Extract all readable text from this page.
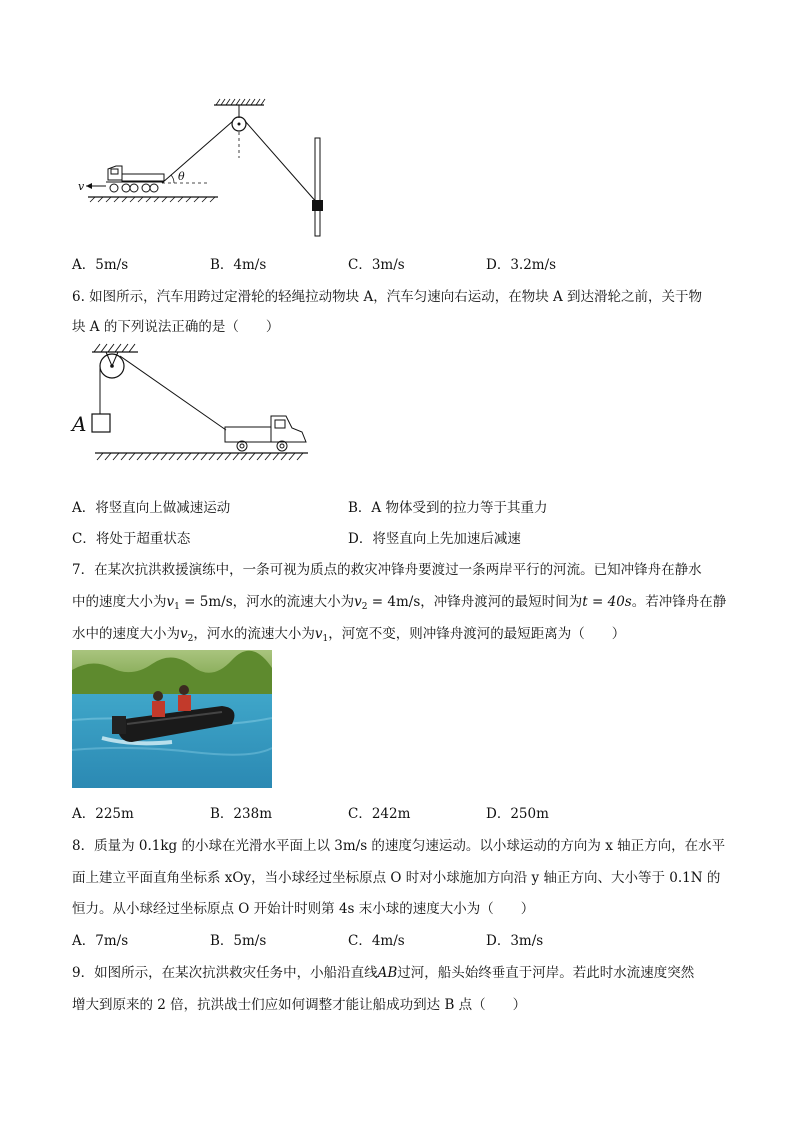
v
θ
A．5m/s	B．4m/s	C．3m/s	D．3.2m/s
6. 如图所示，汽车用跨过定滑轮的轻绳拉动物块 A，汽车匀速向右运动，在物块 A 到达滑轮之前，关于物
块 A 的下列说法正确的是（　　）
A
A．将竖直向上做减速运动	B．A 物体受到的拉力等于其重力
C．将处于超重状态	D．将竖直向上先加速后减速
7．在某次抗洪救援演练中，一条可视为质点的救灾冲锋舟要渡过一条两岸平行的河流。已知冲锋舟在静水
中的速度大小为$v_1 = 5m/s$，河水的流速大小为$v_2 = 4m/s$，冲锋舟渡河的最短时间为t = 40s。若冲锋舟在静
水中的速度大小为$v_2$，河水的流速大小为$v_1$，河宽不变，则冲锋舟渡河的最短距离为（　　）
A．225m	B．238m	C．242m	D．250m
8．质量为 0.1kg 的小球在光滑水平面上以 3m/s 的速度匀速运动。以小球运动的方向为 x 轴正方向，在水平
面上建立平面直角坐标系 xOy，当小球经过坐标原点 O 时对小球施加方向沿 y 轴正方向、大小等于 0.1N 的
恒力。从小球经过坐标原点 O 开始计时则第 4s 末小球的速度大小为（　　）
A．7m/s	B．5m/s	C．4m/s	D．3m/s
9．如图所示，在某次抗洪救灾任务中，小船沿直线AB过河，船头始终垂直于河岸。若此时水流速度突然
增大到原来的 2 倍，抗洪战士们应如何调整才能让船成功到达 B 点（　　）
